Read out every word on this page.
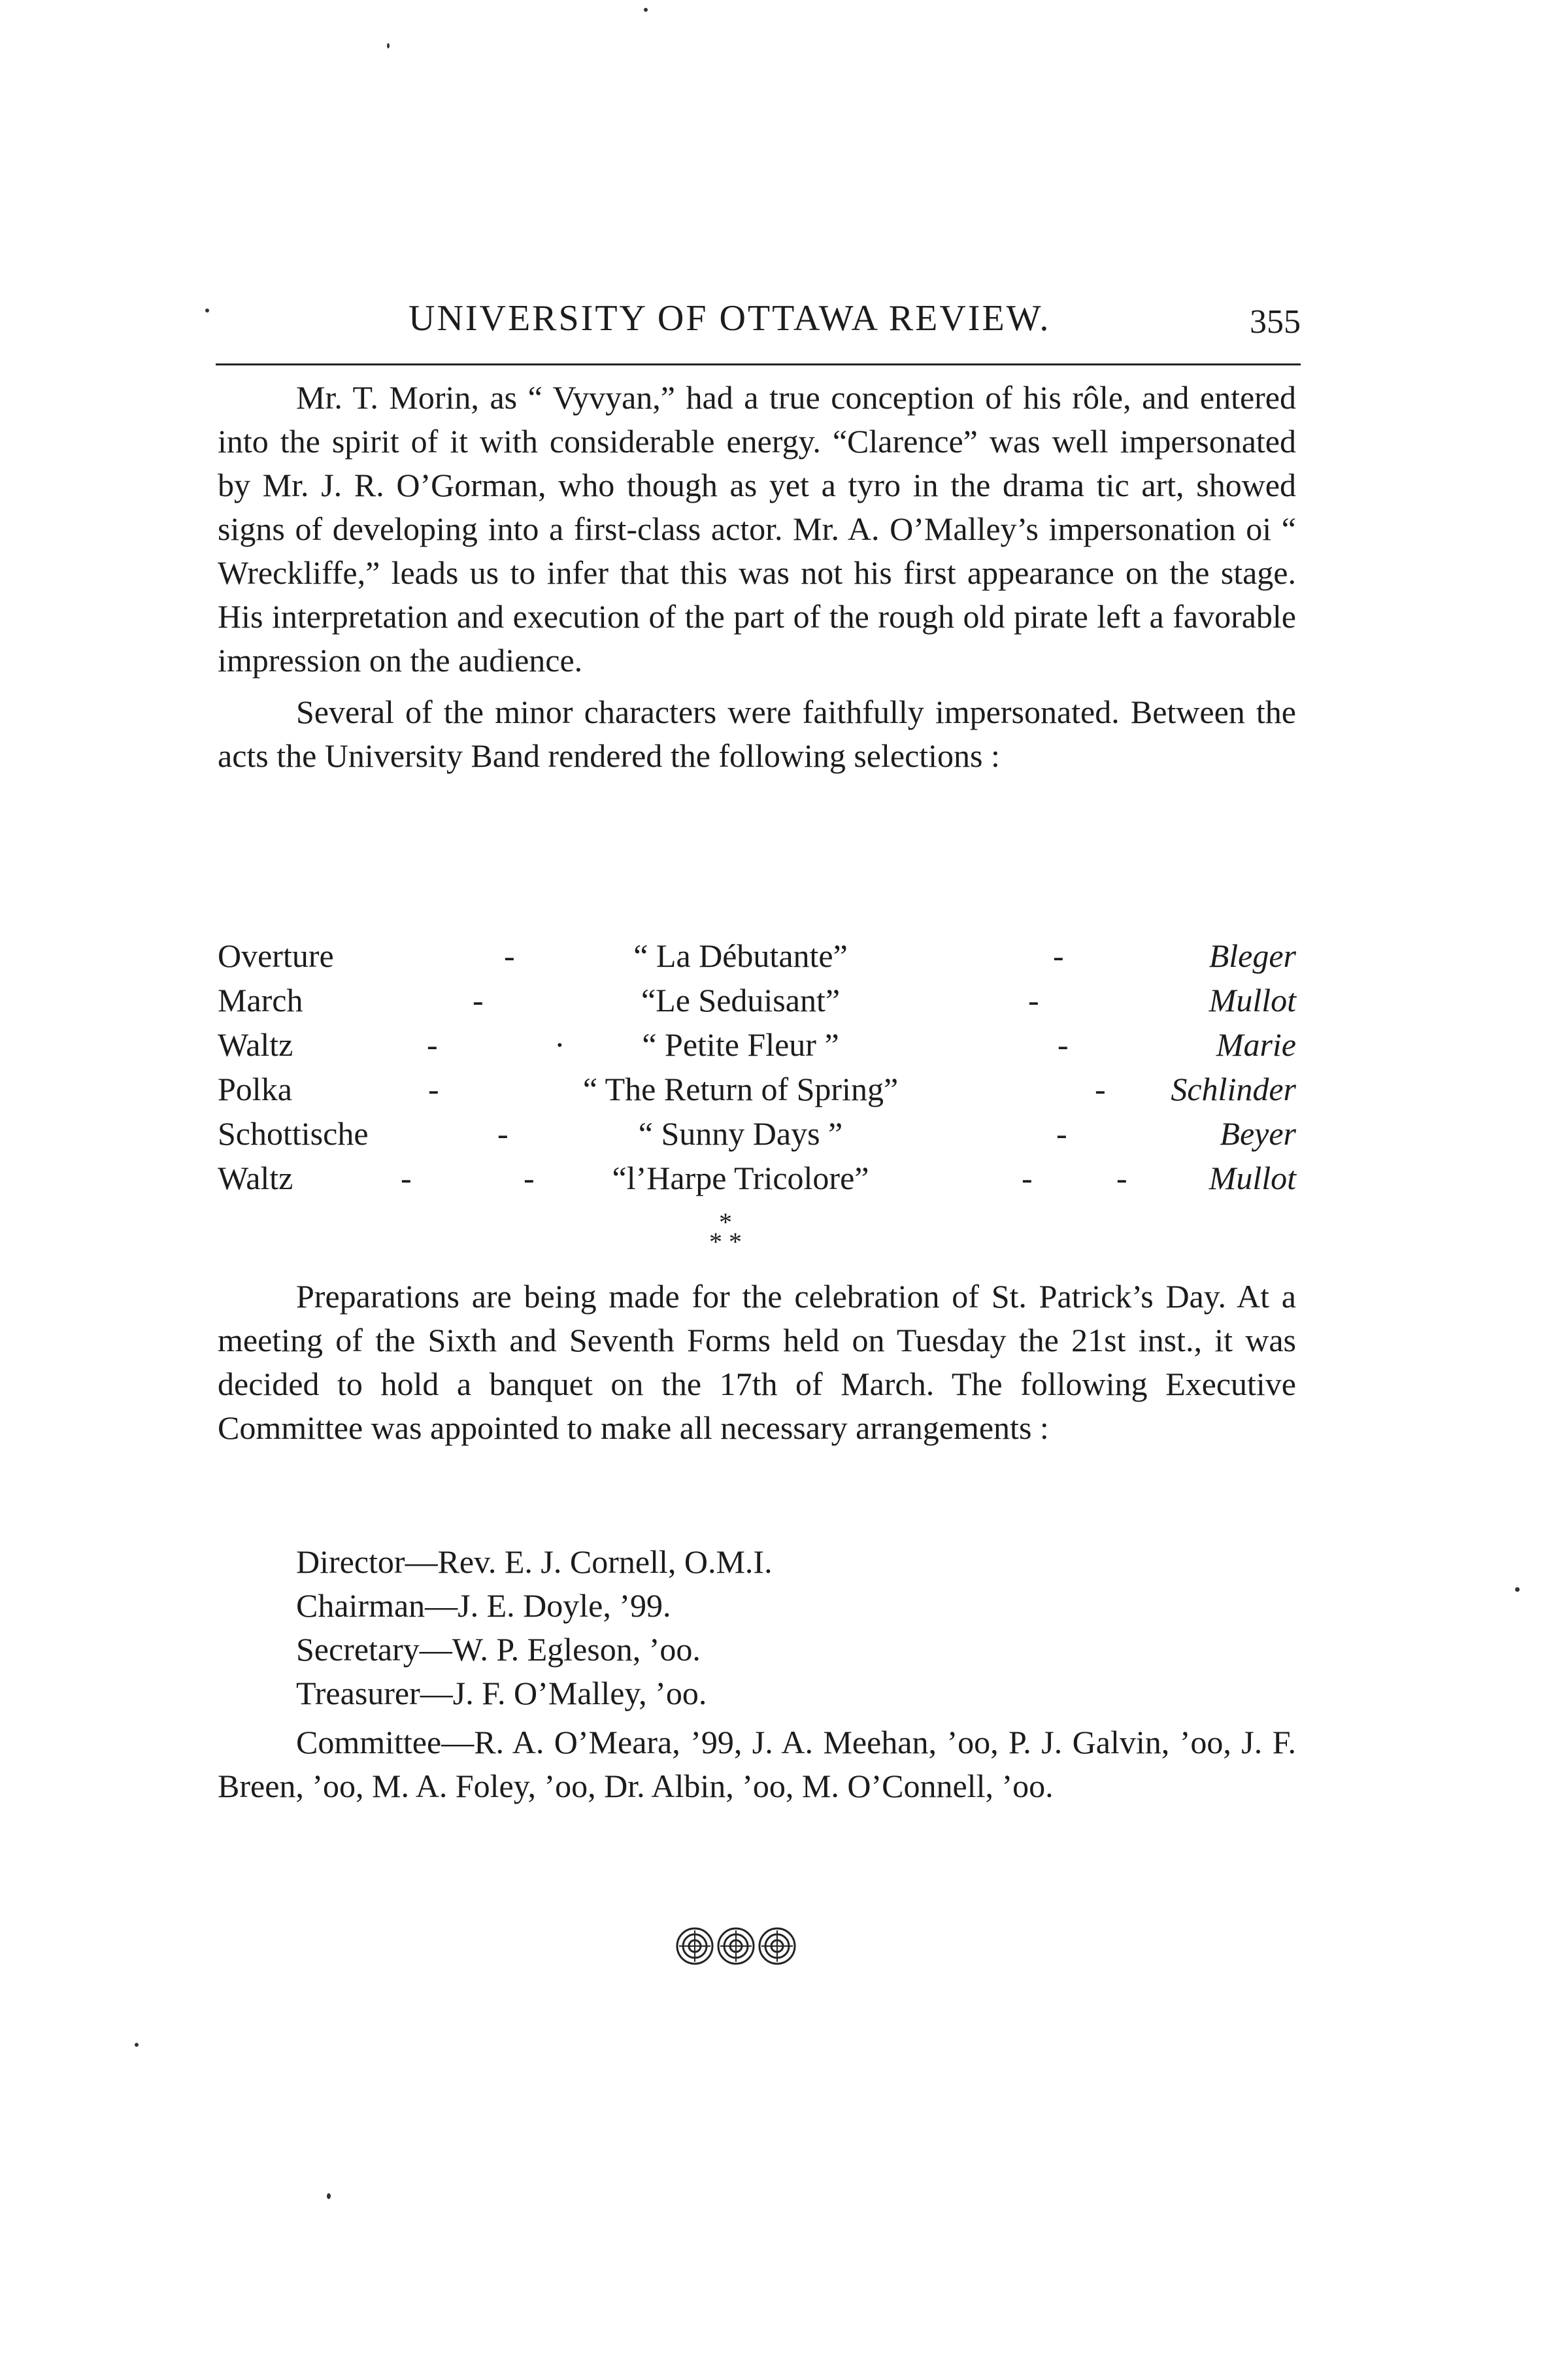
UNIVERSITY OF OTTAWA REVIEW.	355

Mr. T. Morin, as “ Vyvyan,” had a true conception of his rôle, and entered into the spirit of it with considerable energy. “Clarence” was well impersonated by Mr. J. R. O’Gorman, who though as yet a tyro in the drama tic art, showed signs of developing into a first-class actor. Mr. A. O’Malley’s impersonation oi “ Wreckliffe,” leads us to infer that this was not his first appearance on the stage. His interpretation and execution of the part of the rough old pirate left a favorable impression on the audience.

Several of the minor characters were faithfully impersonated. Between the acts the University Band rendered the following selections :

Overture	-	“ La Débutante”	-	Bleger
March	-	“Le Seduisant”	-	Mullot
Waltz	-	· “ Petite Fleur ”	-	Marie
Polka	-	“ The Return of Spring”	- Schlinder
Schottische	-	“ Sunny Days ”	-	Beyer
Waltz	-	- “l’Harpe Tricolore”	-	-	Mullot
*
* *

Preparations are being made for the celebration of St. Patrick’s Day. At a meeting of the Sixth and Seventh Forms held on Tuesday the 21st inst., it was decided to hold a banquet on the 17th of March. The following Executive Committee was appointed to make all necessary arrangements :

Director—Rev. E. J. Cornell, O.M.I.

Chairman—J. E. Doyle, ’99.

Secretary—W. P. Egleson, ’oo.

Treasurer—J. F. O’Malley, ’oo.

Committee—R. A. O’Meara, ’99, J. A. Meehan, ’oo, P. J. Galvin, ’oo, J. F. Breen, ’oo, M. A. Foley, ’oo, Dr. Albin, ’oo, M. O’Connell, ’oo.
